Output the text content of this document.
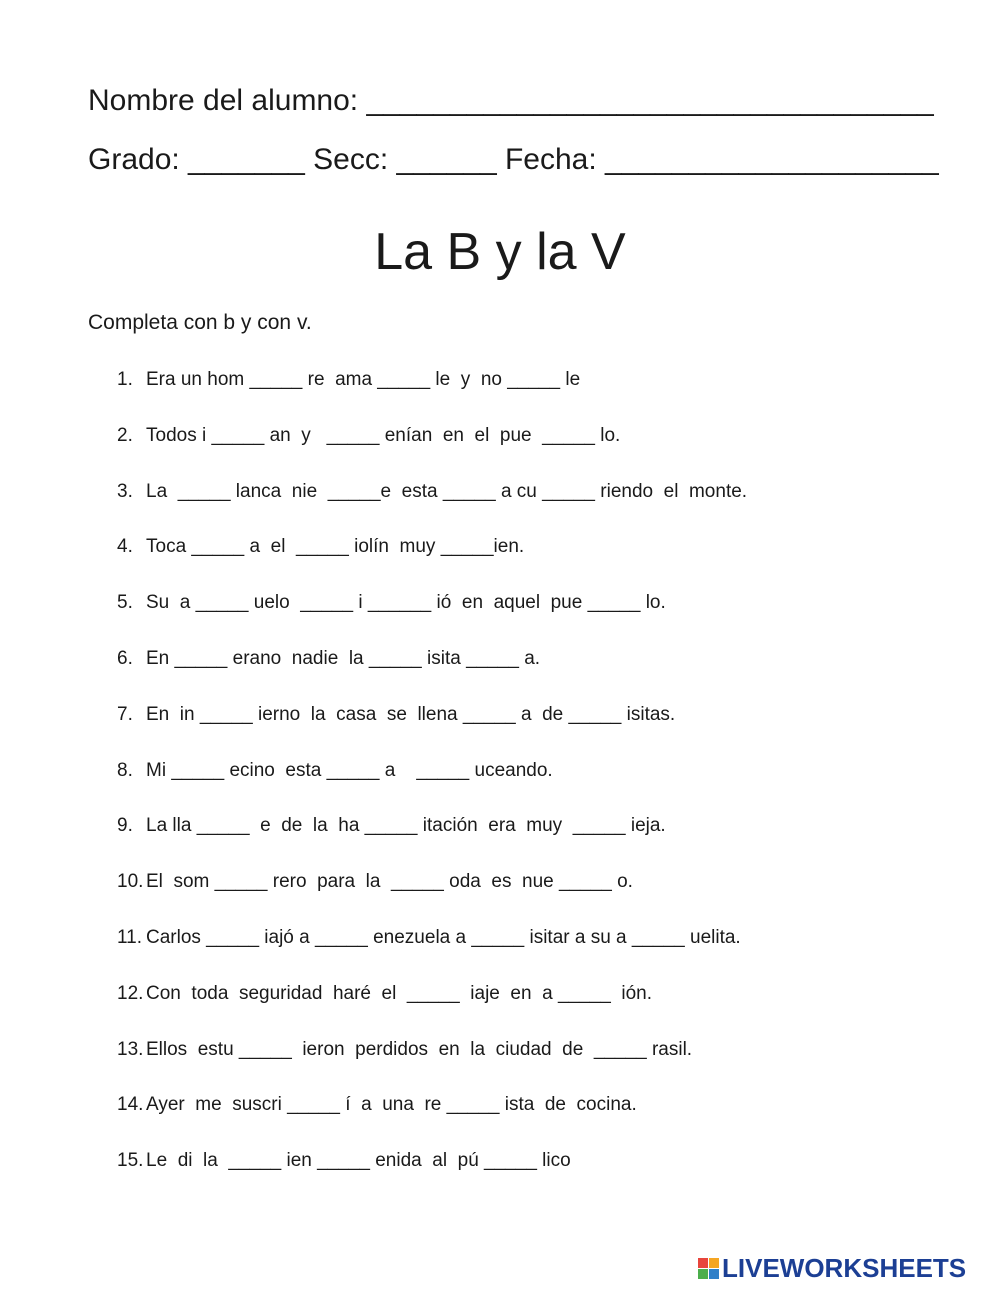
Nombre del alumno: __________________________________
Grado: _______ Secc: ______ Fecha: ____________________
La B y la V
Completa con b y con v.
1. Era un hom _____ re  ama _____ le  y  no _____ le
2. Todos i _____ an  y   _____ enían  en  el  pue  _____ lo.
3. La  _____ lanca  nie  _____e  esta _____ a cu _____ riendo  el  monte.
4. Toca _____ a  el  _____ iolín  muy _____ien.
5. Su  a _____ uelo  _____ i ______ ió  en  aquel  pue _____ lo.
6. En _____ erano  nadie  la _____ isita _____ a.
7. En  in _____ ierno  la  casa  se  llena _____ a  de _____ isitas.
8. Mi _____ ecino  esta _____ a    _____ uceando.
9. La lla _____  e  de  la  ha _____ itación  era  muy  _____ ieja.
10. El  som _____ rero  para  la  _____ oda  es  nue _____ o.
11. Carlos _____ iajó a _____ enezuela a _____ isitar a su a _____ uelita.
12. Con  toda  seguridad  haré  el  _____  iaje  en  a _____  ión.
13. Ellos  estu _____  ieron  perdidos  en  la  ciudad  de  _____ rasil.
14. Ayer  me  suscri _____ í  a  una  re _____ ista  de  cocina.
15. Le  di  la  _____ ien _____ enida  al  pú _____ lico
LIVEWORKSHEETS
